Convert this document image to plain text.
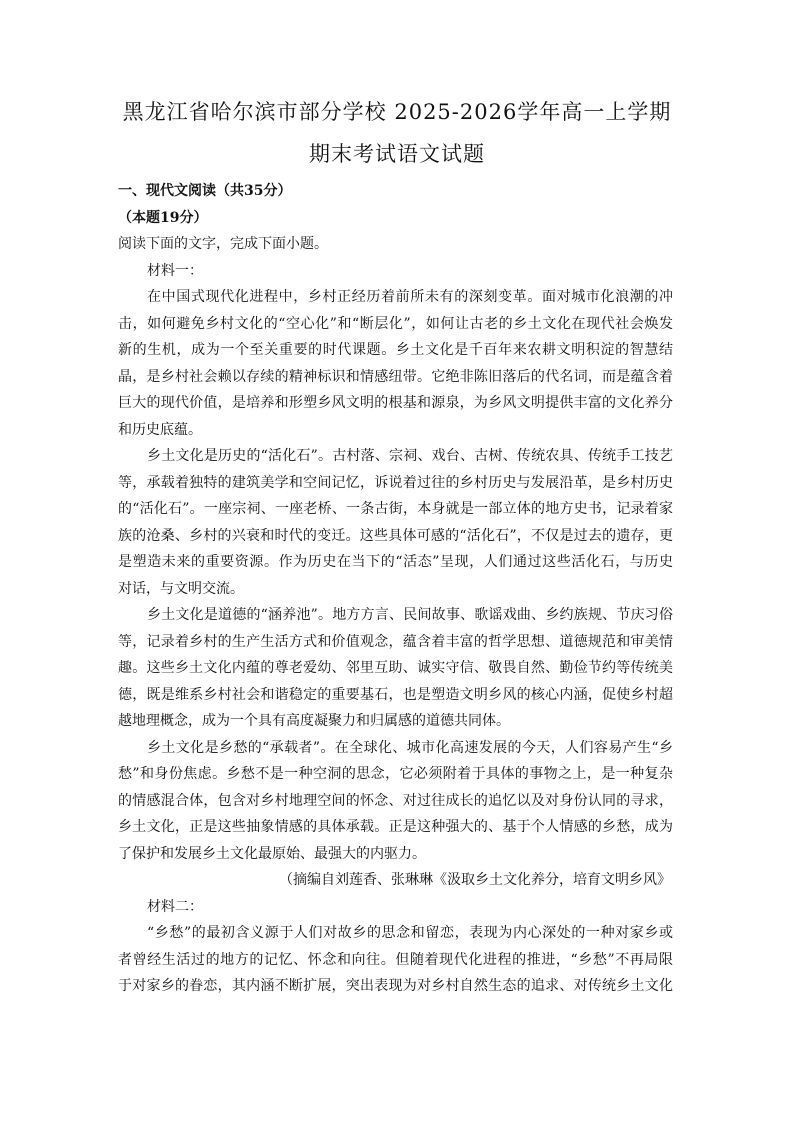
黑龙江省哈尔滨市部分学校 2025-2026学年高一上学期
期末考试语文试题
一、现代文阅读（共35分）
（本题19分）
阅读下面的文字，完成下面小题。
材料一：
在中国式现代化进程中，乡村正经历着前所未有的深刻变革。面对城市化浪潮的冲
击，如何避免乡村文化的“空心化”和“断层化”，如何让古老的乡土文化在现代社会焕发
新的生机，成为一个至关重要的时代课题。乡土文化是千百年来农耕文明积淀的智慧结
晶，是乡村社会赖以存续的精神标识和情感纽带。它绝非陈旧落后的代名词，而是蕴含着
巨大的现代价值，是培养和形塑乡风文明的根基和源泉，为乡风文明提供丰富的文化养分
和历史底蕴。
乡土文化是历史的“活化石”。古村落、宗祠、戏台、古树、传统农具、传统手工技艺
等，承载着独特的建筑美学和空间记忆，诉说着过往的乡村历史与发展沿革，是乡村历史
的“活化石”。一座宗祠、一座老桥、一条古街，本身就是一部立体的地方史书，记录着家
族的沧桑、乡村的兴衰和时代的变迁。这些具体可感的“活化石”，不仅是过去的遗存，更
是塑造未来的重要资源。作为历史在当下的“活态”呈现，人们通过这些活化石，与历史
对话，与文明交流。
乡土文化是道德的“涵养池”。地方方言、民间故事、歌谣戏曲、乡约族规、节庆习俗
等，记录着乡村的生产生活方式和价值观念，蕴含着丰富的哲学思想、道德规范和审美情
趣。这些乡土文化内蕴的尊老爱幼、邻里互助、诚实守信、敬畏自然、勤俭节约等传统美
德，既是维系乡村社会和谐稳定的重要基石，也是塑造文明乡风的核心内涵，促使乡村超
越地理概念，成为一个具有高度凝聚力和归属感的道德共同体。
乡土文化是乡愁的“承载者”。在全球化、城市化高速发展的今天，人们容易产生“乡
愁”和身份焦虑。乡愁不是一种空洞的思念，它必须附着于具体的事物之上，是一种复杂
的情感混合体，包含对乡村地理空间的怀念、对过往成长的追忆以及对身份认同的寻求，
乡土文化，正是这些抽象情感的具体承载。正是这种强大的、基于个人情感的乡愁，成为
了保护和发展乡土文化最原始、最强大的内驱力。
（摘编自刘莲香、张琳琳《汲取乡土文化养分，培育文明乡风》
材料二：
“乡愁”的最初含义源于人们对故乡的思念和留恋，表现为内心深处的一种对家乡或
者曾经生活过的地方的记忆、怀念和向往。但随着现代化进程的推进，“乡愁”不再局限
于对家乡的眷恋，其内涵不断扩展，突出表现为对乡村自然生态的追求、对传统乡土文化
